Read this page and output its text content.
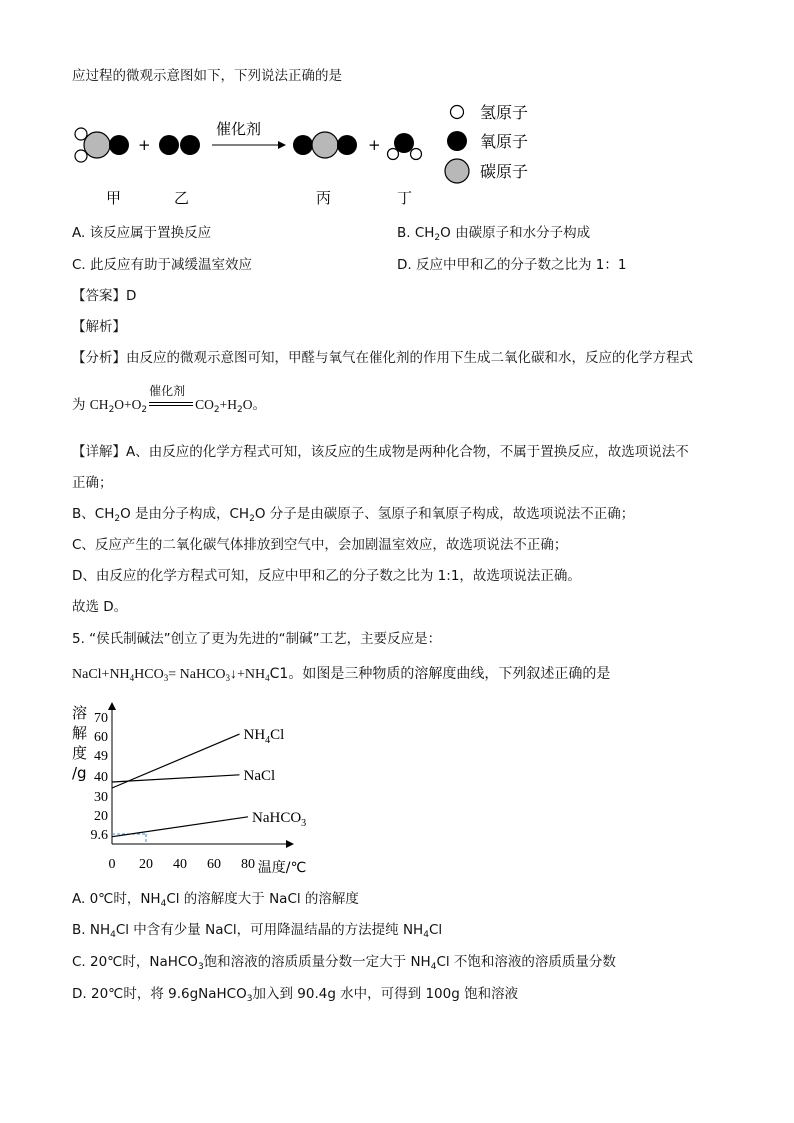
应过程的微观示意图如下，下列说法正确的是
+
催化剂
+
甲	乙	丙	丁
氢原子
氧原子
碳原子
A. 该反应属于置换反应	B. $CH_2O$ 由碳原子和水分子构成
C. 此反应有助于减缓温室效应	D. 反应中甲和乙的分子数之比为 1：1
【答案】D
【解析】
【分析】由反应的微观示意图可知，甲醛与氧气在催化剂的作用下生成二氧化碳和水，反应的化学方程式
为 $CH_2O+O_2$
催化剂
$CO_2+H_2O$。
【详解】A、由反应的化学方程式可知，该反应的生成物是两种化合物，不属于置换反应，故选项说法不
正确；
B、$CH_2O$ 是由分子构成，$CH_2O$ 分子是由碳原子、氢原子和氧原子构成，故选项说法不正确；
C、反应产生的二氧化碳气体排放到空气中，会加剧温室效应，故选项说法不正确；
D、由反应的化学方程式可知，反应中甲和乙的分子数之比为 1:1，故选项说法正确。
故选 D。
5. “侯氏制碱法”创立了更为先进的“制碱”工艺，主要反应是：
$NaCl+NH_4HCO_3=$ $NaHCO_3↓+NH_4C1$。如图是三种物质的溶解度曲线，下列叙述正确的是
溶
解
度
/g
70
60
49
40
30
20
9.6
0 20 40 60 80 温度/℃
$NH_4Cl$
NaCl
NaHCO$_3$
A. 0℃时，$NH_4Cl$ 的溶解度大于 NaCl 的溶解度
B. $NH_4Cl$ 中含有少量 NaCl，可用降温结晶的方法提纯 $NH_4Cl$
C. 20℃时，NaHCO$_3$饱和溶液的溶质质量分数一定大于 $NH_4Cl$ 不饱和溶液的溶质质量分数
D. 20℃时，将 9.6gNaHCO$_3$加入到 90.4g 水中，可得到 100g 饱和溶液
